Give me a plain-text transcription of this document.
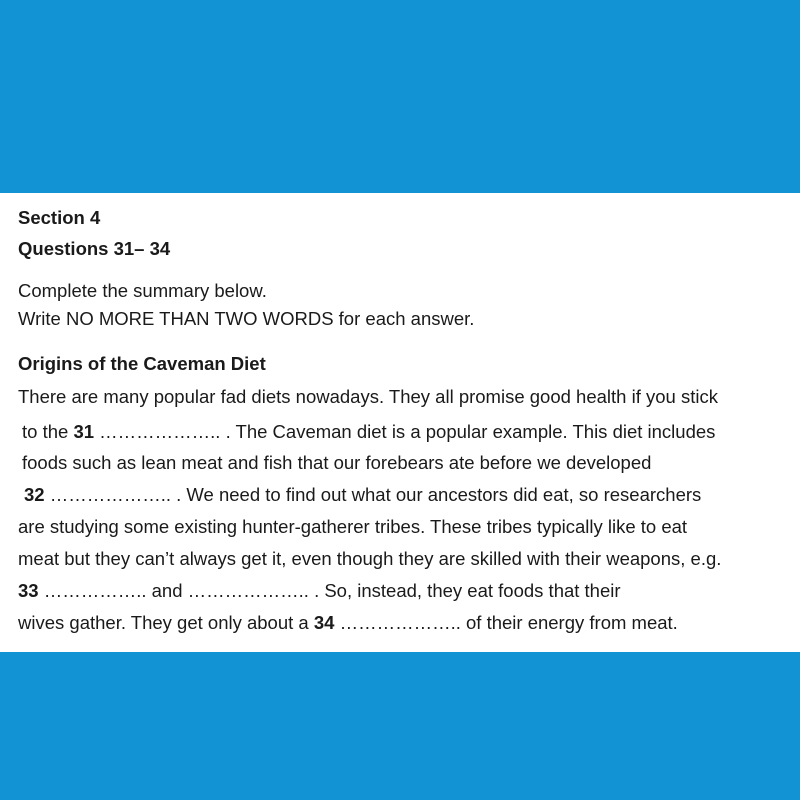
Section 4
Questions 31– 34
Complete the summary below.
Write NO MORE THAN TWO WORDS for each answer.
Origins of the Caveman Diet
There are many popular fad diets nowadays. They all promise good health if you stick
to the 31 ……………….. . The Caveman diet is a popular example. This diet includes
foods such as lean meat and fish that our forebears ate before we developed
32 ……………….. . We need to find out what our ancestors did eat, so researchers
are studying some existing hunter-gatherer tribes. These tribes typically like to eat
meat but they can’t always get it, even though they are skilled with their weapons, e.g.
33 …………….. and ……………….. . So, instead, they eat foods that their
wives gather. They get only about a 34 ……………….. of their energy from meat.
